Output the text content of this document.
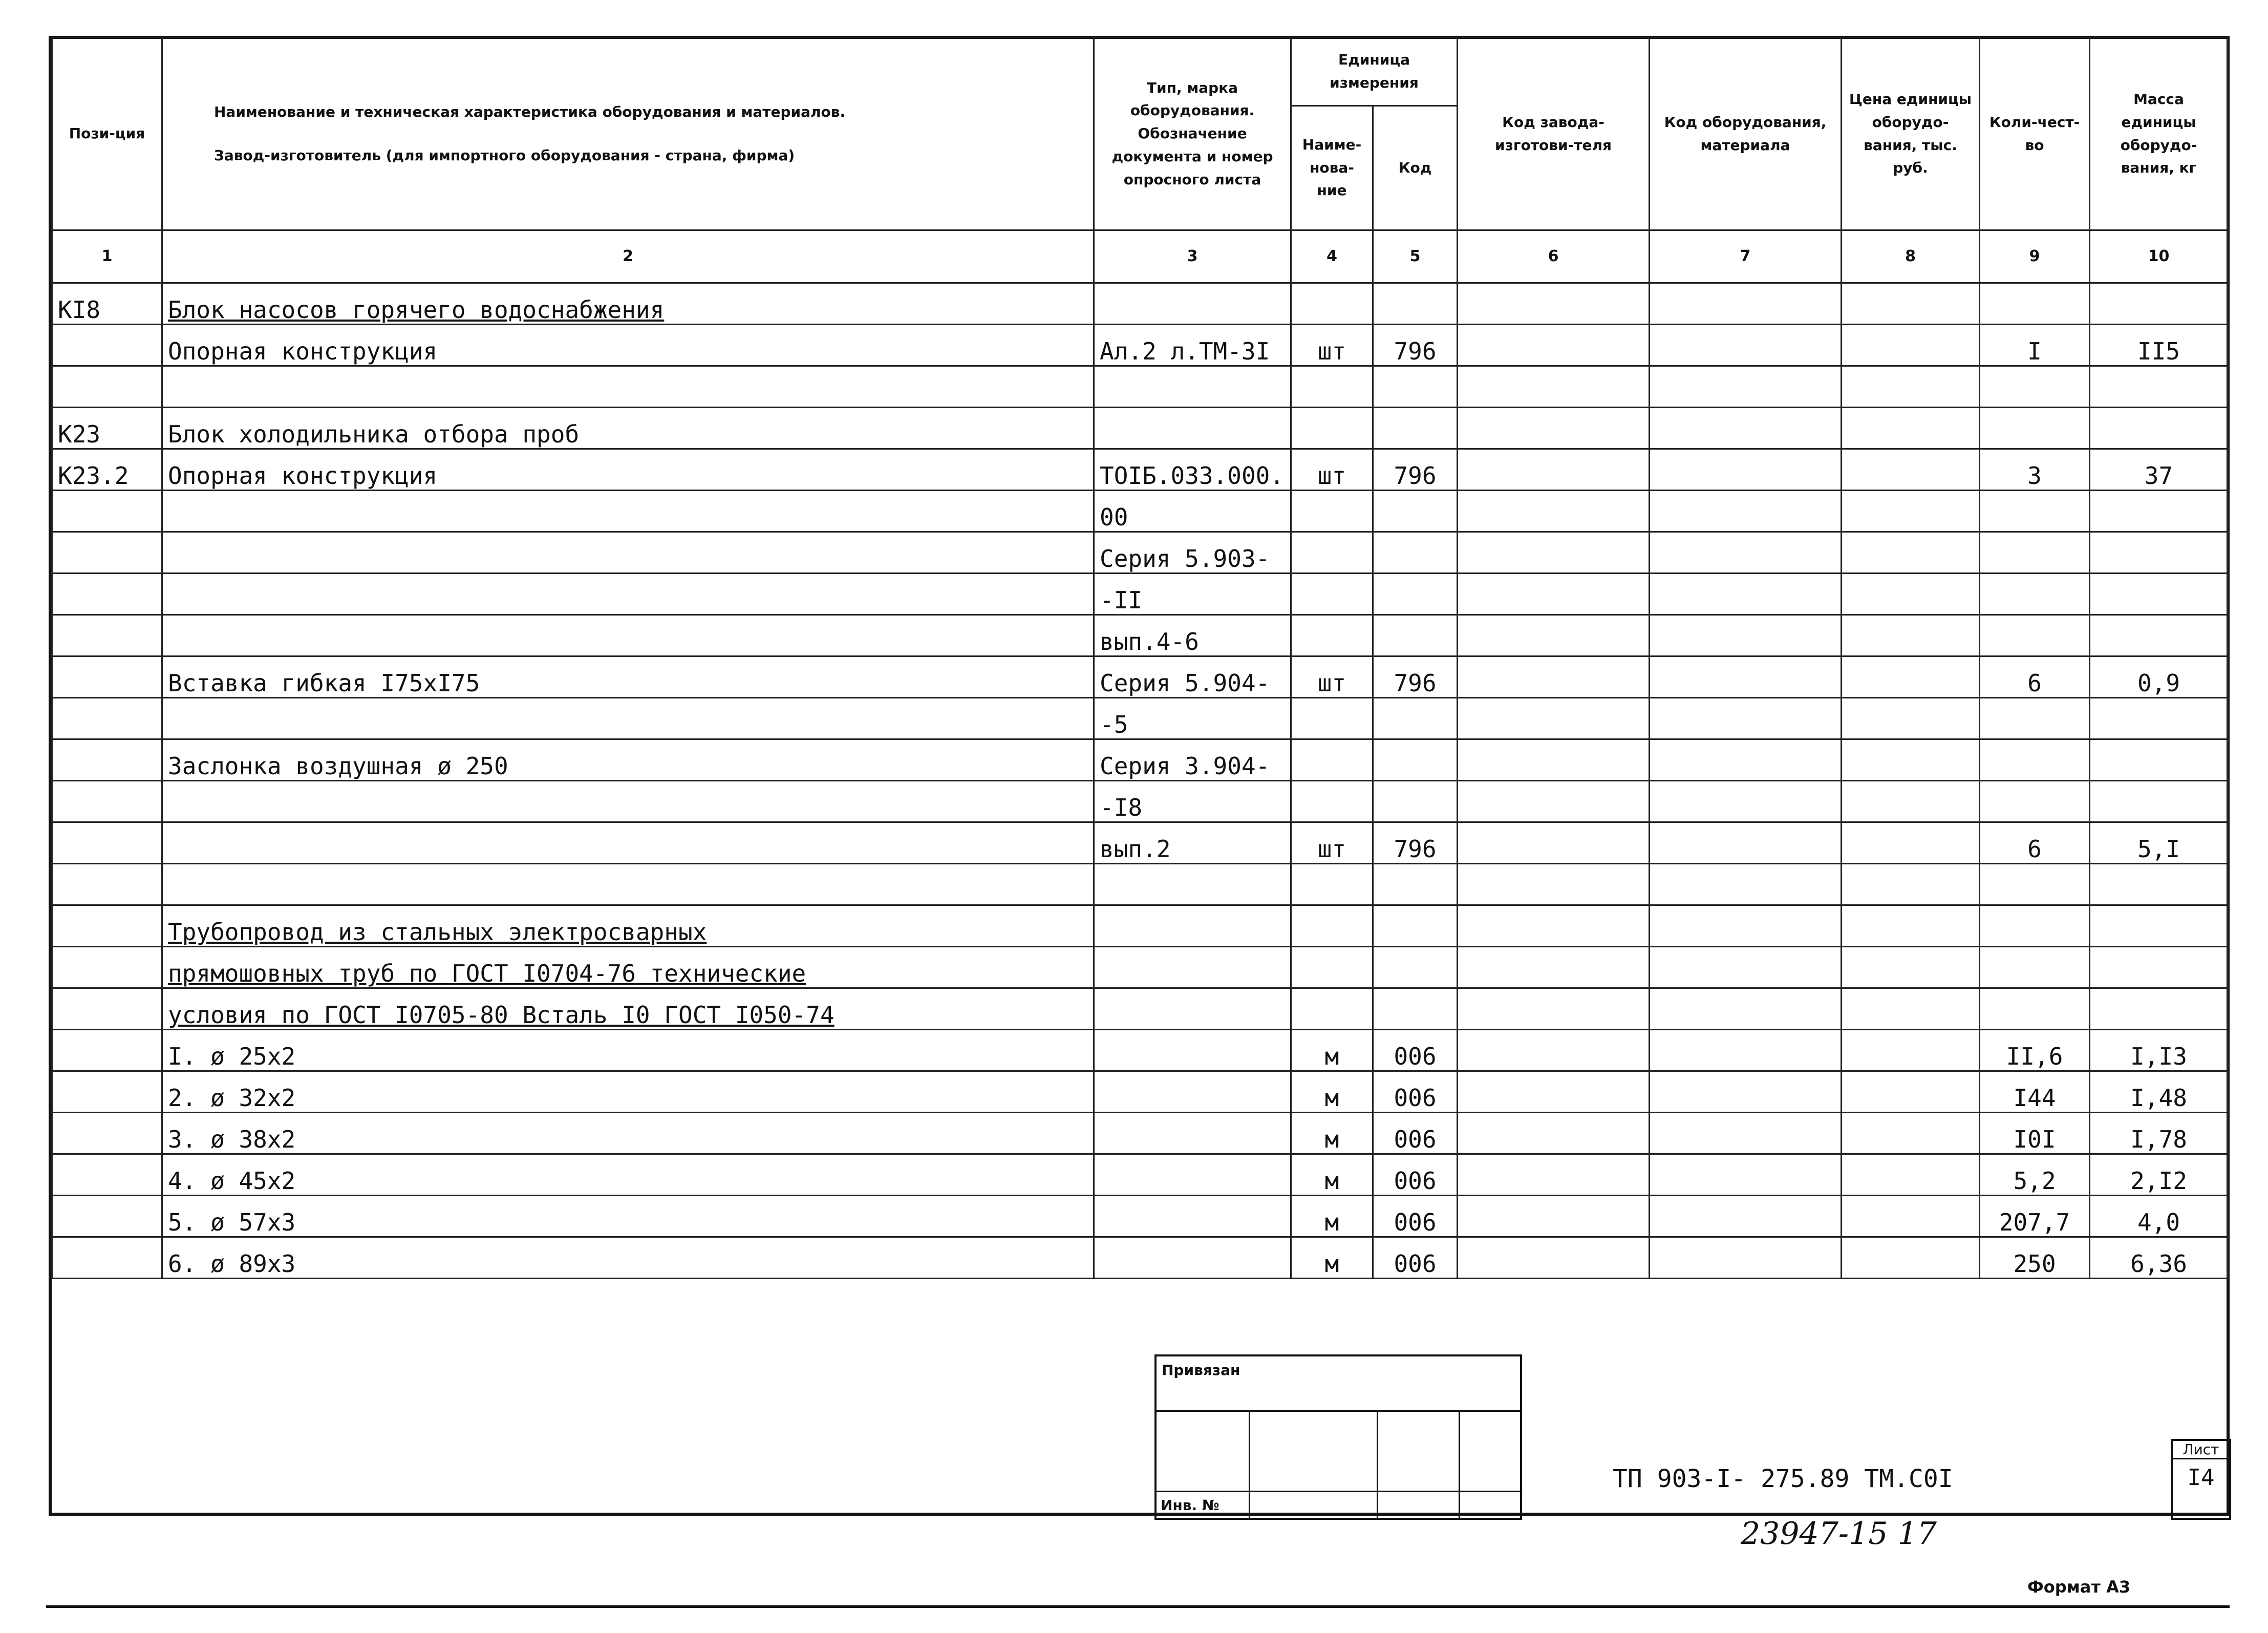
Пози-ция	Наименование и техническая характеристика оборудования и материалов.
Завод-изготовитель (для импортного оборудования - страна, фирма)	Тип, марка оборудования. Обозначение документа и номер опросного листа	Единица измерения		Код завода-изготови-теля	Код оборудования, материала	Цена единицы оборудо-вания, тыс. руб.	Коли-чест-во	Масса единицы оборудо-вания, кг
			Наиме-нова-ние	Код					
1	2	3	4	5	6	7	8	9	10
КI8	Блок насосов горячего водоснабжения								
	Опорная конструкция	Ал.2 л.ТМ-3I	шт	796				I	II5

К23	Блок холодильника отбора проб								
К23.2	Опорная конструкция	ТОIБ.033.000.	шт	796				3	37
		00							
		Серия 5.903-							
		-II							
		вып.4-6							
	Вставка гибкая I75хI75	Серия 5.904-	шт	796				6	0,9
		-5							
	Заслонка воздушная ø 250	Серия 3.904-							
		-I8							
		вып.2	шт	796				6	5,I

	Трубопровод из стальных электросварных								
	прямошовных труб по ГОСТ I0704-76 технические								
	условия по ГОСТ I0705-80 Всталь I0 ГОСТ I050-74								
	I. ø 25х2		м	006				II,6	I,I3
	2. ø 32х2		м	006				I44	I,48
	3. ø 38х2		м	006				I0I	I,78
	4. ø 45х2		м	006				5,2	2,I2
	5. ø 57х3		м	006				207,7	4,0
	6. ø 89х3		м	006				250	6,36
Привязан
Инв. №
ТП 903-I- 275.89 ТМ.С0I
Лист
I4
23947-15 17
Формат А3
